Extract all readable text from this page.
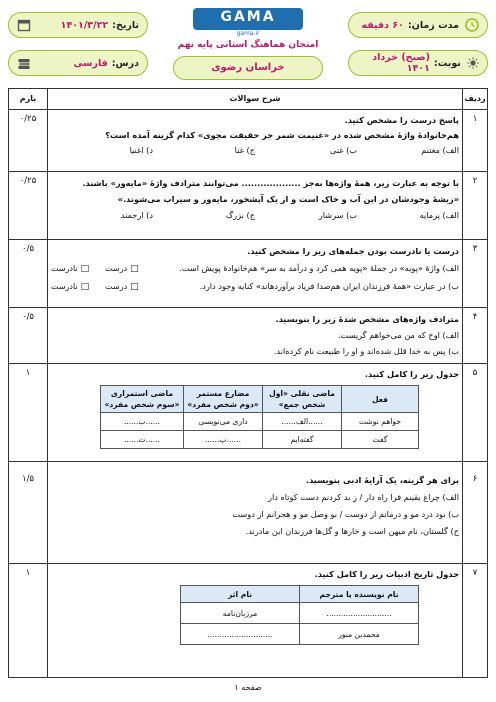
مدت زمان:
۶۰ دقیقه
تاریخ:
۱۴۰۱/۳/۲۲
نوبت:
(صبح) خرداد ۱۴۰۱
درس:
فارسی
GAMA
gama.ir
امتحان هماهنگ استانی پایه نهم
خراسان رضوی
ردیف
شرح سوالات
بارم
۱
۰/۲۵	پاسخ درست را مشخص کنید.
هم‌خانوادۀ واژۀ مشخص شده در «غنیمت شمر جز حقیقت مجوی» کدام گزینه آمده است؟
الف) مغتنم
ب) غنی
ج) غنا
د) اغنیا
۲
۰/۲۵	با توجه به عبارت زیر، همۀ واژه‌ها به‌جز ................... می‌توانند مترادف واژۀ «مایه‌ور» باشند.
«ریشۀ وجودشان در این آب و خاک است و از یک آبشخور، مایه‌ور و سیراب می‌شوند.»
الف) پرمایه
ب) سرشار
ج) بزرگ
د) ارجمند
۳
۰/۵	درست یا نادرست بودن جمله‌های زیر را مشخص کنید.
الف) واژۀ «پویه» در جملۀ «پویه همی کرد و درآمد به سر» هم‌خانوادۀ پویش است.
□ درست
□ نادرست
ب) در عبارت «همۀ فرزندان ایران هم‌صدا فریاد برآوردهاند» کنایه وجود دارد.
□ درست
□ نادرست
۴
۰/۵	مترادف واژه‌های مشخص شدۀ زیر را بنویسید.
الف) اوخ که من می‌خواهم گریست.
ب) پس به خدا قلل شده‌اند و او را طبیعت نام کرده‌اند.
۵
۱	جدول زیر را کامل کنید.
فعل	ماضی نقلی «اول شخص جمع»	مضارع مستمر «دوم شخص مفرد»	ماضی استمراری «سوم شخص مفرد»
خواهم نوشت	......الف......	داری می‌نویسی	......ب......
گفت	گفته‌ایم	......پ......	......ت......
۶
۱/۵	برای هر گزینه، یک آرایۀ ادبی بنویسید.
الف) چراغ یقینم فرا راه دار / ز بد کردنم دست کوتاه دار
ب) بود درد مو و درمانم از دوست / بو وصل مو و هجرانم از دوست
ج) گلستان، نام میهن است و خارها و گل‌ها فرزندان این مادرند.
۷
۱	جدول تاریخ ادبیات زیر را کامل کنید.
نام نویسنده یا مترجم	نام اثر
...........................	مرزبان‌نامه
محمدبن منور	...........................
صفحه ۱
